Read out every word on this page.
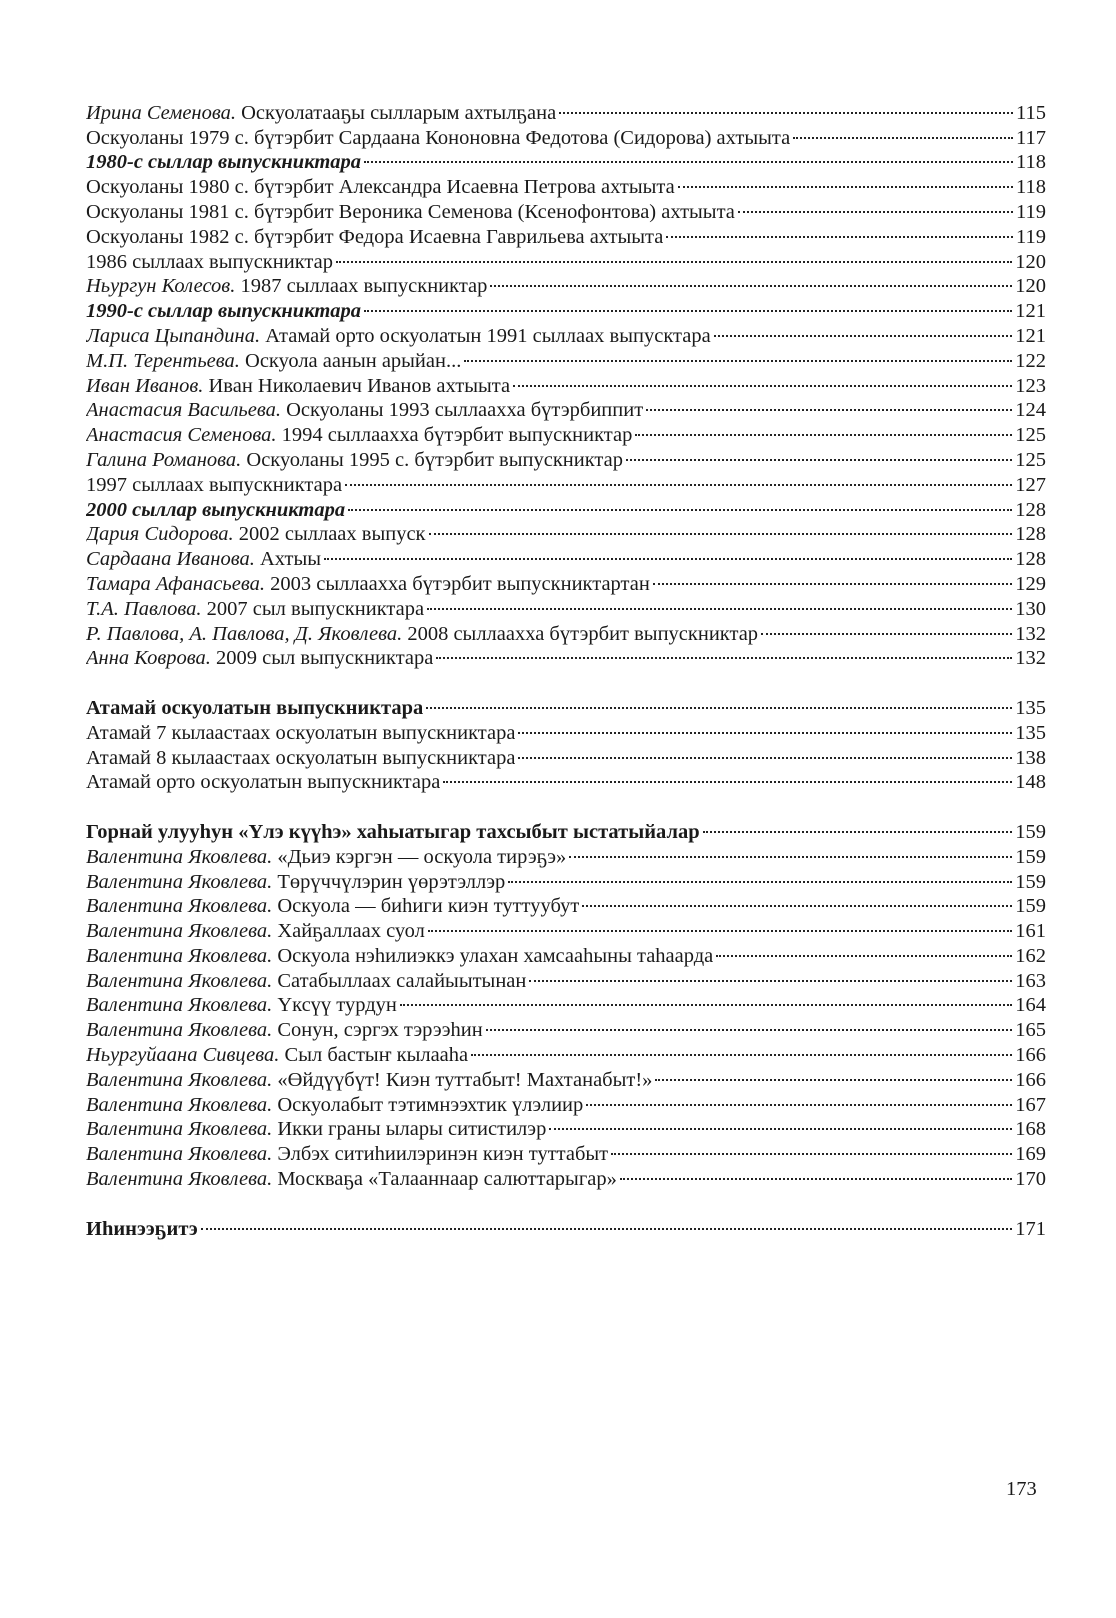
Ирина Семенова. Оскуолатааҕы сылларым ахтылҕана	115
Оскуоланы 1979 с. бүтэрбит Сардаана Кононовна Федотова (Сидорова) ахтыыта	117
1980-с сыллар выпускниктара	118
Оскуоланы 1980 с. бүтэрбит Александра Исаевна Петрова ахтыыта	118
Оскуоланы 1981 с. бүтэрбит Вероника Семенова (Ксенофонтова) ахтыыта	119
Оскуоланы 1982 с. бүтэрбит Федора Исаевна Гаврильева ахтыыта	119
1986 сыллаах выпускниктар	120
Ньургун Колесов. 1987 сыллаах выпускниктар	120
1990-с сыллар выпускниктара	121
Лариса Цыпандина. Атамай орто оскуолатын 1991 сыллаах выпусктара	121
М.П. Терентьева. Оскуола аанын арыйан...	122
Иван Иванов. Иван Николаевич Иванов ахтыыта	123
Анастасия Васильева. Оскуоланы 1993 сыллаахха бүтэрбиппит	124
Анастасия Семенова. 1994 сыллаахха бүтэрбит выпускниктар	125
Галина Романова. Оскуоланы 1995 с. бүтэрбит выпускниктар	125
1997 сыллаах выпускниктара	127
2000 сыллар выпускниктара	128
Дария Сидорова. 2002 сыллаах выпуск	128
Сардаана Иванова. Ахтыы	128
Тамара Афанасьева. 2003 сыллаахха бүтэрбит выпускниктартан	129
Т.А. Павлова. 2007 сыл выпускниктара	130
Р. Павлова, А. Павлова, Д. Яковлева. 2008 сыллаахха бүтэрбит выпускниктар	132
Анна Коврова. 2009 сыл выпускниктара	132
Атамай оскуолатын выпускниктара	135
Атамай 7 кылаастаах оскуолатын выпускниктара	135
Атамай 8 кылаастаах оскуолатын выпускниктара	138
Атамай орто оскуолатын выпускниктара	148
Горнай улууһун «Үлэ күүһэ» хаһыатыгар тахсыбыт ыстатыйалар	159
Валентина Яковлева. «Дьиэ кэргэн — оскуола тирэҕэ»	159
Валентина Яковлева. Төрүччүлэрин үөрэтэллэр	159
Валентина Яковлева. Оскуола — биһиги киэн туттуубут	159
Валентина Яковлева. Хайҕаллаах суол	161
Валентина Яковлева. Оскуола нэһилиэккэ улахан хамсааһыны таһаарда	162
Валентина Яковлева. Сатабыллаах салайыытынан	163
Валентина Яковлева. Үксүү турдун	164
Валентина Яковлева. Сонун, сэргэх тэрээһин	165
Ньургуйаана Сивцева. Сыл бастыҥ кылааһа	166
Валентина Яковлева. «Өйдүүбүт! Киэн туттабыт! Махтанабыт!»	166
Валентина Яковлева. Оскуолабыт тэтимнээхтик үлэлиир	167
Валентина Яковлева. Икки граны ылары ситистилэр	168
Валентина Яковлева. Элбэх ситиһиилэринэн киэн туттабыт	169
Валентина Яковлева. Москваҕа «Талааннаар салюттарыгар»	170
Иһинээҕитэ	171
173
